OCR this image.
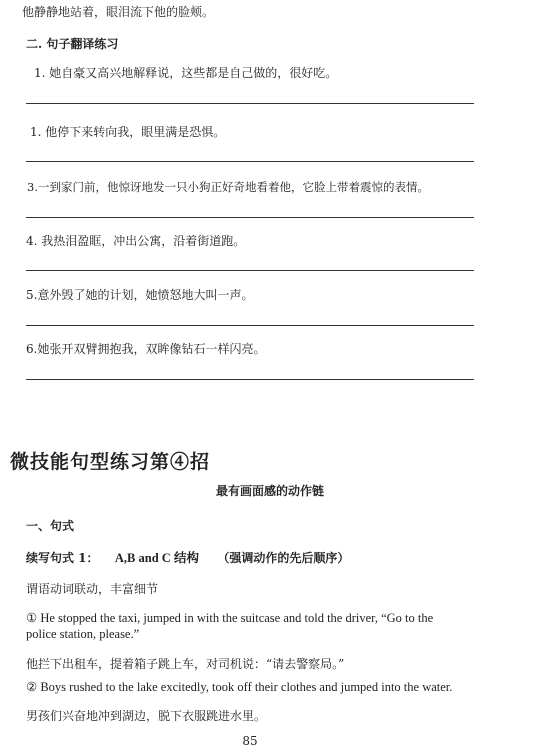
他静静地站着，眼泪流下他的脸颊。
二. 句子翻译练习
1. 她自豪又高兴地解释说，这些都是自己做的，很好吃。
1. 他停下来转向我，眼里满是恐惧。
3.一到家门前，他惊讶地发一只小狗正好奇地看着他，它脸上带着震惊的表情。
4. 我热泪盈眶，冲出公寓，沿着街道跑。
5.意外毁了她的计划，她愤怒地大叫一声。
6.她张开双臂拥抱我，双眸像钻石一样闪亮。
微技能句型练习第④招
最有画面感的动作链
一、句式
续写句式 1： A,B and C 结构 （强调动作的先后顺序）
谓语动词联动，丰富细节
① He stopped the taxi, jumped in with the suitcase and told the driver, “Go to the
police station, please.”
他拦下出租车，提着箱子跳上车，对司机说：“请去警察局。”
② Boys rushed to the lake excitedly, took off their clothes and jumped into the water.
男孩们兴奋地冲到湖边，脱下衣服跳进水里。
85
